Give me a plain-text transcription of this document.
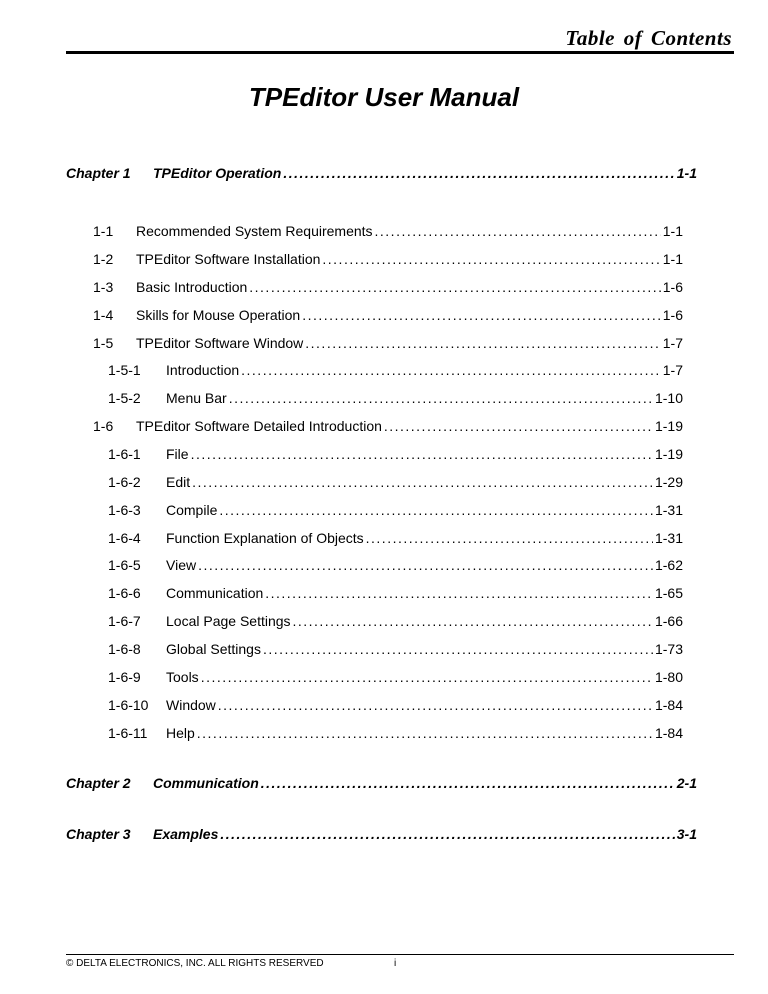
Table of Contents
TPEditor User Manual
Chapter 1	TPEditor Operation . . .	1-1
1-1	Recommended System Requirements . . .	1-1
1-2	TPEditor Software Installation . . .	1-1
1-3	Basic Introduction . . .	1-6
1-4	Skills for Mouse Operation . . .	1-6
1-5	TPEditor Software Window . . .	1-7
1-5-1	Introduction . . .	1-7
1-5-2	Menu Bar . . .	1-10
1-6	TPEditor Software Detailed Introduction . . .	1-19
1-6-1	File . . .	1-19
1-6-2	Edit . . .	1-29
1-6-3	Compile . . .	1-31
1-6-4	Function Explanation of Objects . . .	1-31
1-6-5	View . . .	1-62
1-6-6	Communication . . .	1-65
1-6-7	Local Page Settings . . .	1-66
1-6-8	Global Settings . . .	1-73
1-6-9	Tools . . .	1-80
1-6-10	Window . . .	1-84
1-6-11	Help . . .	1-84
Chapter 2	Communication . . .	2-1
Chapter 3	Examples . . .	3-1
© DELTA ELECTRONICS, INC. ALL RIGHTS RESERVED	i
